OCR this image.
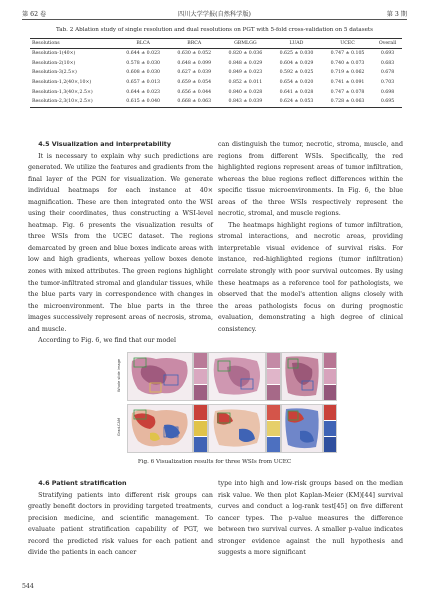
第 62 卷	四川大学学报(自然科学版)	第 3 期
Tab. 2 Ablation study of single resolution and dual resolutions on PGT with 5-fold cross-validation on 5 datasets
Resolutions	BLCA	BRCA	GBMLGG	LUAD	UCEC	Overall
Resolution-1(40×)	0.644 ± 0.023	0.630 ± 0.052	0.820 ± 0.036	0.625 ± 0.030	0.747 ± 0.105	0.693
Resolution-2(10×)	0.578 ± 0.030	0.648 ± 0.099	0.848 ± 0.029	0.604 ± 0.029	0.740 ± 0.073	0.683
Resolution-3(2.5×)	0.608 ± 0.030	0.627 ± 0.039	0.849 ± 0.023	0.592 ± 0.025	0.719 ± 0.062	0.678
Resolution-1,2(40×,10×)	0.657 ± 0.013	0.659 ± 0.054	0.852 ± 0.011	0.654 ± 0.020	0.741 ± 0.091	0.703
Resolution-1,3(40×,2.5×)	0.644 ± 0.023	0.656 ± 0.044	0.840 ± 0.028	0.641 ± 0.028	0.747 ± 0.078	0.698
Resolution-2,3(10×,2.5×)	0.615 ± 0.040	0.668 ± 0.063	0.843 ± 0.039	0.624 ± 0.053	0.728 ± 0.063	0.695

4.5 Visualization and interpretability

It is necessary to explain why such predictions are generated. We utilize the features and gradients from the final layer of the PGN for visualization. We generate individual heatmaps for each instance at 40× magnification. These are then integrated onto the WSI using their coordinates, thus constructing a WSI-level heatmap. Fig. 6 presents the visualization results of three WSIs from the UCEC dataset. The regions demarcated by green and blue boxes indicate areas with low and high gradients, whereas yellow boxes denote zones with mixed attributes. The green regions highlight the tumor-infiltrated stromal and glandular tissues, while the blue parts vary in correspondence with changes in the microenvironment. The blue parts in the three images successively represent areas of necrosis, stroma, and muscle.

According to Fig. 6, we find that our model

can distinguish the tumor, necrotic, stroma, muscle, and regions from different WSIs. Specifically, the red highlighted regions represent areas of tumor infiltration, whereas the blue regions reflect differences within the specific tissue microenvironments. In Fig. 6, the blue areas of the three WSIs respectively represent the necrotic, stromal, and muscle regions.

The heatmaps highlight regions of tumor infiltration, stromal interactions, and necrotic areas, providing interpretable visual evidence of survival risks. For instance, red-highlighted regions (tumor infiltration) correlate strongly with poor survival outcomes. By using these heatmaps as a reference tool for pathologists, we observed that the model's attention aligns closely with the areas pathologists focus on during prognostic evaluation, demonstrating a high degree of clinical consistency.

Whole slide image
Grad-CAM
Fig. 6 Visualization results for three WSIs from UCEC

4.6 Patient stratification

Stratifying patients into different risk groups can greatly benefit doctors in providing targeted treatments, precision medicine, and scientific management. To evaluate patient stratification capability of PGT, we record the predicted risk values for each patient and divide the patients in each cancer

type into high and low-risk groups based on the median risk value. We then plot Kaplan-Meier (KM)[44] survival curves and conduct a log-rank test[45] on five different cancer types. The p-value measures the difference between two survival curves. A smaller p-value indicates stronger evidence against the null hypothesis and suggests a more significant

544
